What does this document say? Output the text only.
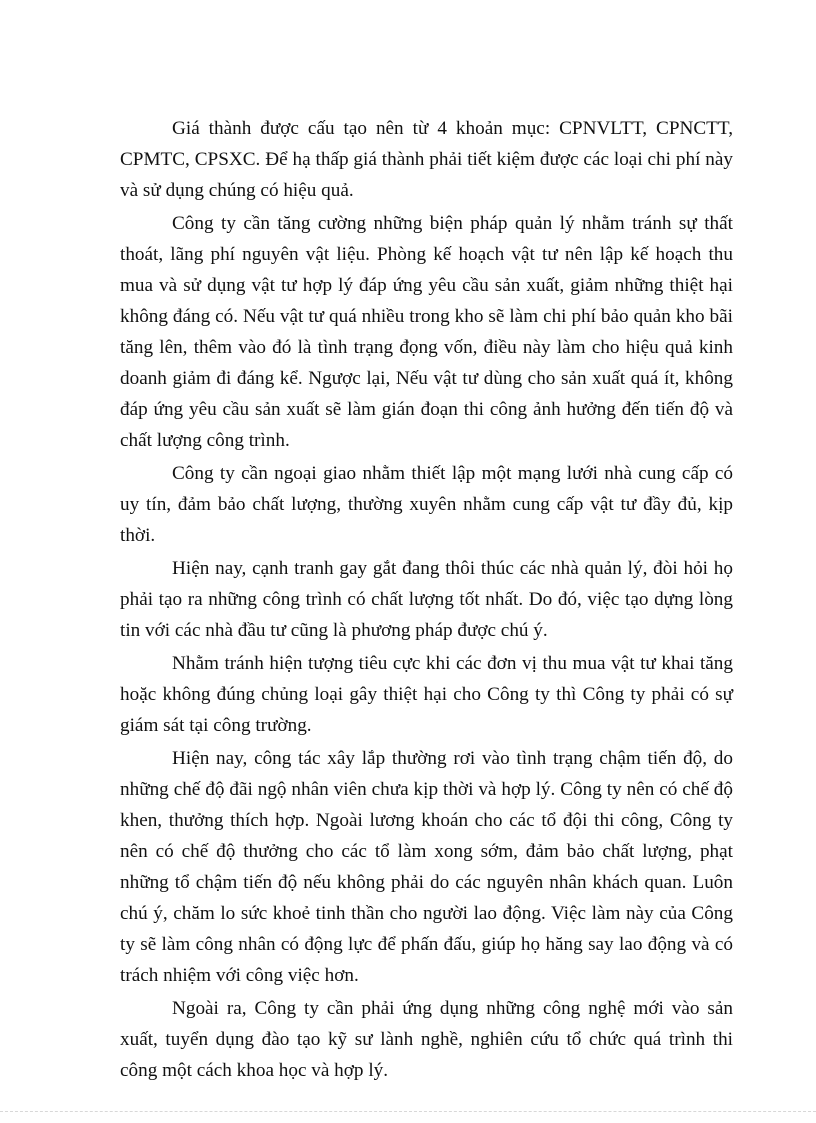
Giá thành được cấu tạo nên từ 4 khoản mục: CPNVLTT, CPNCTT, CPMTC, CPSXC. Để hạ thấp giá thành phải tiết kiệm được các loại chi phí này và sử dụng chúng có hiệu quả.

Công ty cần tăng cường những biện pháp quản lý nhằm tránh sự thất thoát, lãng phí nguyên vật liệu. Phòng kế hoạch vật tư nên lập kế hoạch thu mua và sử dụng vật tư hợp lý đáp ứng yêu cầu sản xuất, giảm những thiệt hại không đáng có. Nếu vật tư quá nhiều trong kho sẽ làm chi phí bảo quản kho bãi tăng lên, thêm vào đó là tình trạng đọng vốn, điều này làm cho hiệu quả kinh doanh giảm đi đáng kể. Ngược lại, Nếu vật tư dùng cho sản xuất quá ít, không đáp ứng yêu cầu sản xuất sẽ làm gián đoạn thi công ảnh hưởng đến tiến độ và chất lượng công trình.

Công ty cần ngoại giao nhằm thiết lập một mạng lưới nhà cung cấp có uy tín, đảm bảo chất lượng, thường xuyên nhằm cung cấp vật tư đầy đủ, kịp thời.

Hiện nay, cạnh tranh gay gắt đang thôi thúc các nhà quản lý, đòi hỏi họ phải tạo ra những công trình có chất lượng tốt nhất. Do đó, việc tạo dựng lòng tin với các nhà đầu tư cũng là phương pháp được chú ý.

Nhằm tránh hiện tượng tiêu cực khi các đơn vị thu mua vật tư khai tăng hoặc không đúng chủng loại gây thiệt hại cho Công ty thì Công ty phải có sự giám sát tại công trường.

Hiện nay, công tác xây lắp thường rơi vào tình trạng chậm tiến độ, do những chế độ đãi ngộ nhân viên chưa kịp thời và hợp lý. Công ty nên có chế độ khen, thưởng thích hợp. Ngoài lương khoán cho các tổ đội thi công, Công ty nên có chế độ thưởng cho các tổ làm xong sớm, đảm bảo chất lượng, phạt những tổ chậm tiến độ nếu không phải do các nguyên nhân khách quan. Luôn chú ý, chăm lo sức khoẻ tinh thần cho người lao động. Việc làm này của Công ty sẽ làm công nhân có động lực để phấn đấu, giúp họ hăng say lao động và có trách nhiệm với công việc hơn.

Ngoài ra, Công ty cần phải ứng dụng những công nghệ mới vào sản xuất, tuyển dụng đào tạo kỹ sư lành nghề, nghiên cứu tổ chức quá trình thi công một cách khoa học và hợp lý.
